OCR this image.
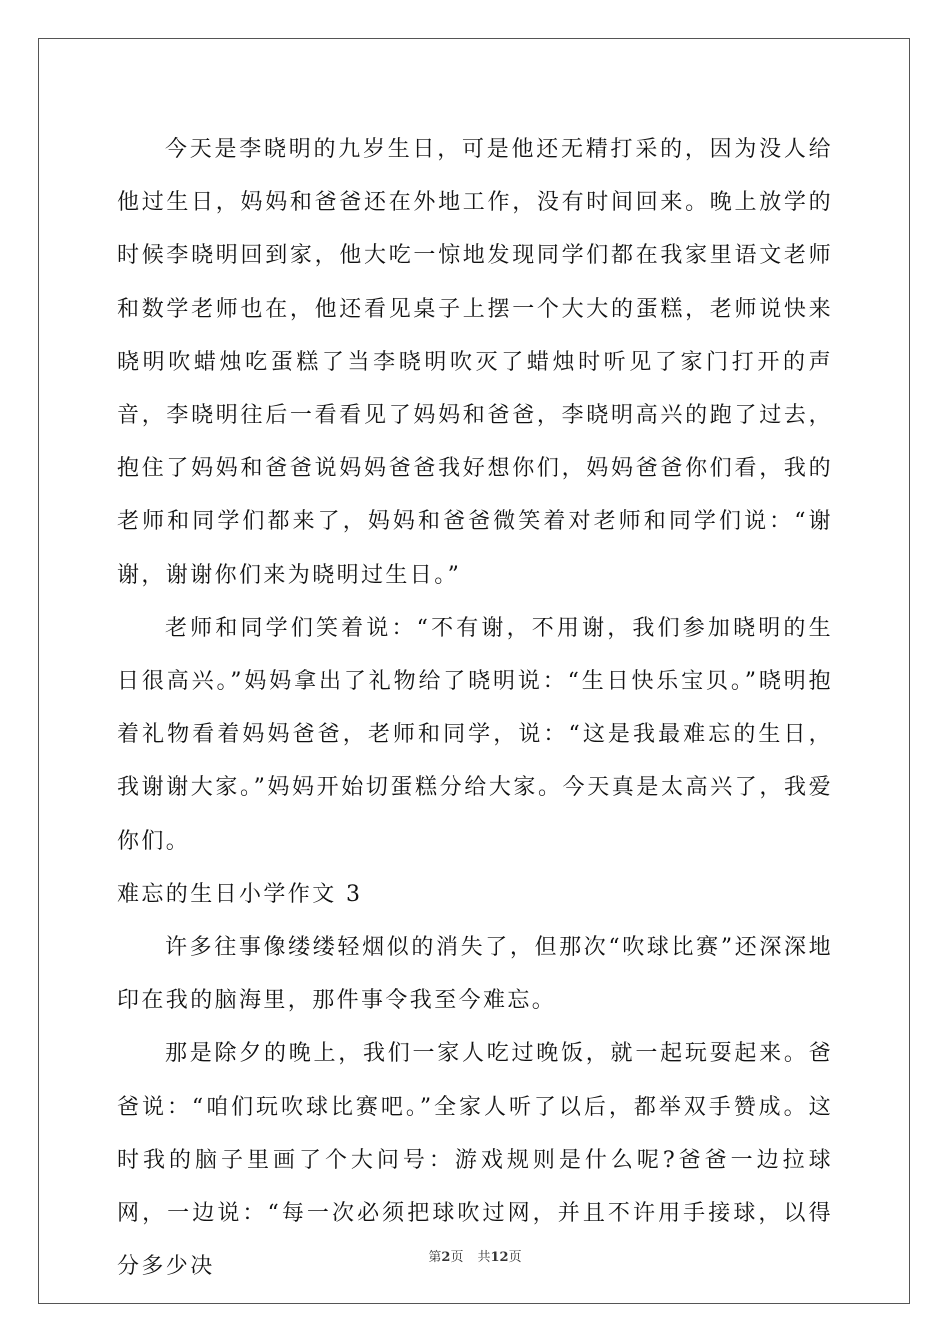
今天是李晓明的九岁生日，可是他还无精打采的，因为没人给他过生日，妈妈和爸爸还在外地工作，没有时间回来。晚上放学的时候李晓明回到家，他大吃一惊地发现同学们都在我家里语文老师和数学老师也在，他还看见桌子上摆一个大大的蛋糕，老师说快来晓明吹蜡烛吃蛋糕了当李晓明吹灭了蜡烛时听见了家门打开的声音，李晓明往后一看看见了妈妈和爸爸，李晓明高兴的跑了过去，抱住了妈妈和爸爸说妈妈爸爸我好想你们，妈妈爸爸你们看，我的老师和同学们都来了，妈妈和爸爸微笑着对老师和同学们说：“谢谢，谢谢你们来为晓明过生日。”

老师和同学们笑着说：“不有谢，不用谢，我们参加晓明的生日很高兴。”妈妈拿出了礼物给了晓明说：“生日快乐宝贝。”晓明抱着礼物看着妈妈爸爸，老师和同学，说：“这是我最难忘的生日，我谢谢大家。”妈妈开始切蛋糕分给大家。今天真是太高兴了，我爱你们。

难忘的生日小学作文 3

许多往事像缕缕轻烟似的消失了，但那次“吹球比赛”还深深地印在我的脑海里，那件事令我至今难忘。

那是除夕的晚上，我们一家人吃过晚饭，就一起玩耍起来。爸爸说：“咱们玩吹球比赛吧。”全家人听了以后，都举双手赞成。这时我的脑子里画了个大问号：游戏规则是什么呢?爸爸一边拉球网，一边说：“每一次必须把球吹过网，并且不许用手接球，以得分多少决	第2页 共12页
